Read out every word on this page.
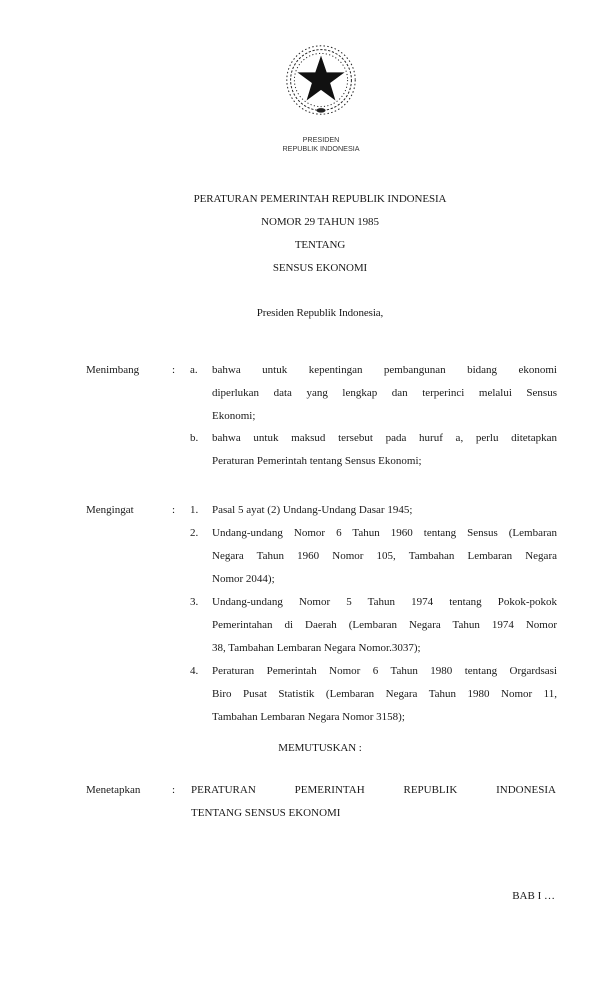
PRESIDEN
REPUBLIK INDONESIA
PERATURAN PEMERINTAH REPUBLIK INDONESIA
NOMOR 29 TAHUN 1985
TENTANG
SENSUS EKONOMI
Presiden Republik Indonesia,
Menimbang	: a. bahwa untuk kepentingan pembangunan bidang ekonomi
diperlukan data yang lengkap dan terperinci melalui Sensus
Ekonomi;
b. bahwa untuk maksud tersebut pada huruf a, perlu ditetapkan
Peraturan Pemerintah tentang Sensus Ekonomi;
Mengingat	: 1. Pasal 5 ayat (2) Undang-Undang Dasar 1945;
2. Undang-undang Nomor 6 Tahun 1960 tentang Sensus (Lembaran
Negara Tahun 1960 Nomor 105, Tambahan Lembaran Negara
Nomor 2044);
3. Undang-undang Nomor 5 Tahun 1974 tentang Pokok-pokok
Pemerintahan di Daerah (Lembaran Negara Tahun 1974 Nomor
38, Tambahan Lembaran Negara Nomor.3037);
4. Peraturan Pemerintah Nomor 6 Tahun 1980 tentang Orgardsasi
Biro Pusat Statistik (Lembaran Negara Tahun 1980 Nomor 11,
Tambahan Lembaran Negara Nomor 3158);
MEMUTUSKAN :
Menetapkan	: PERATURAN PEMERINTAH REPUBLIK INDONESIA
TENTANG SENSUS EKONOMI
BAB I …
